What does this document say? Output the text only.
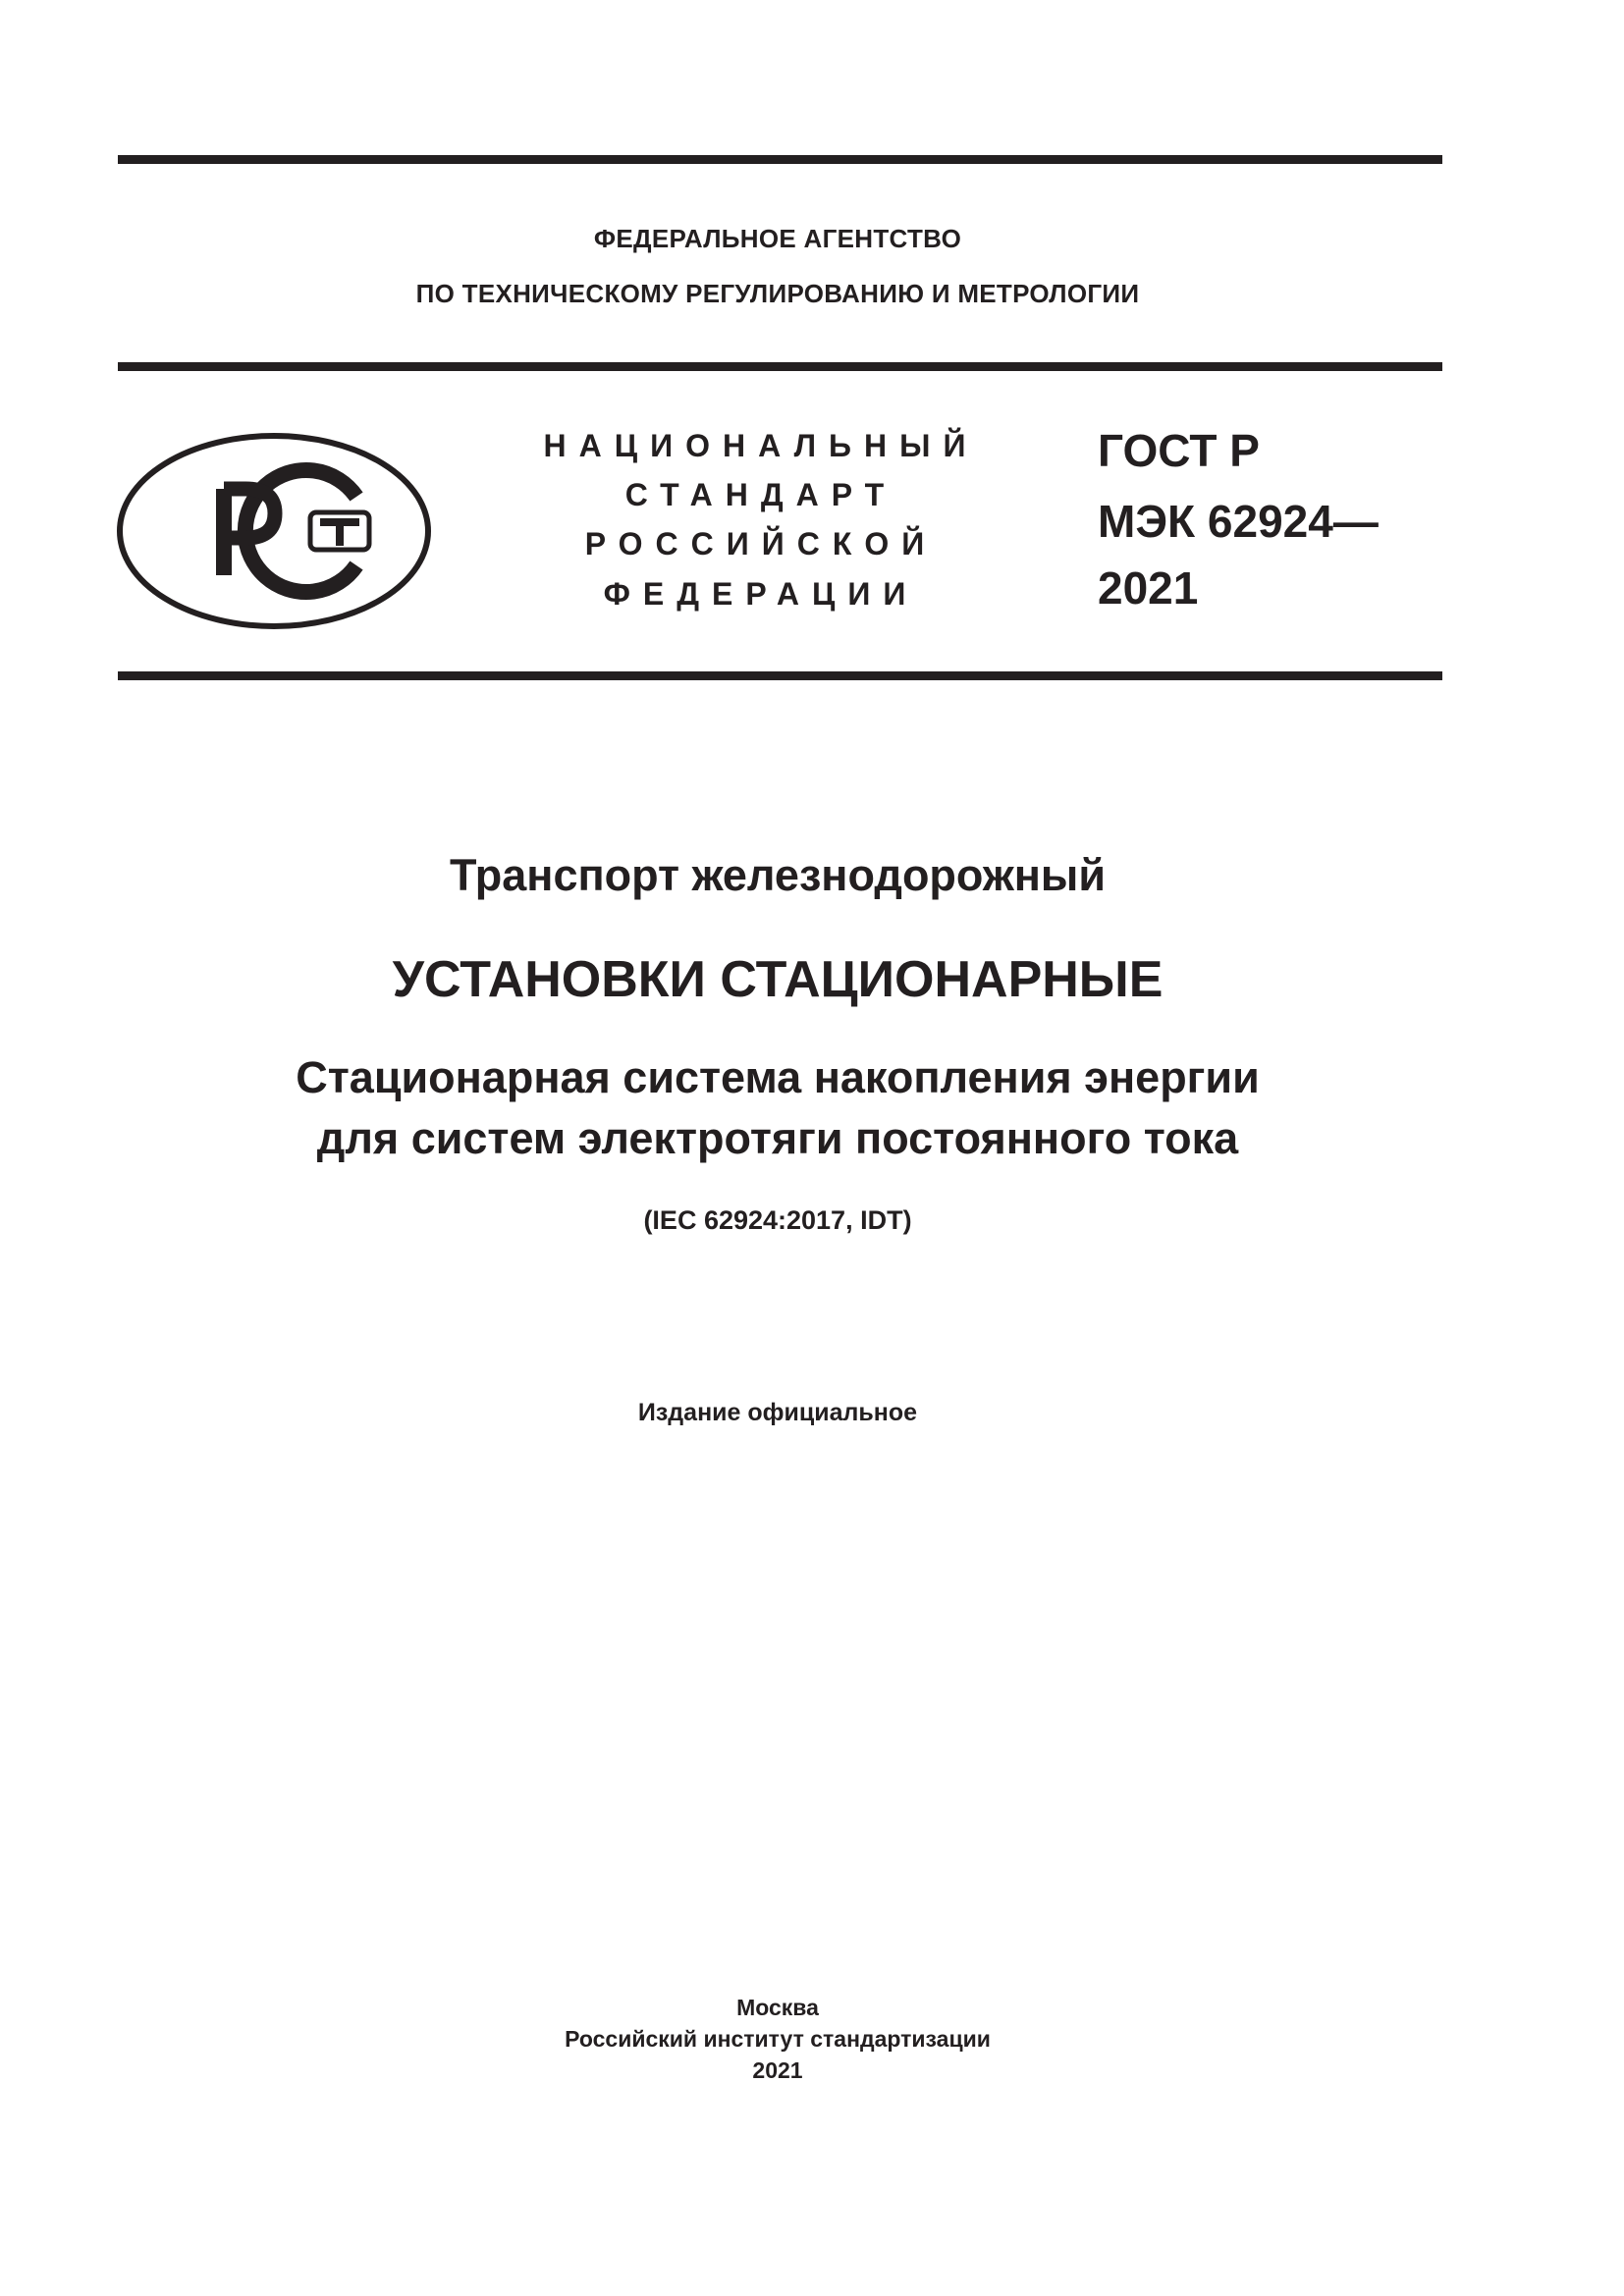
ФЕДЕРАЛЬНОЕ АГЕНТСТВО
ПО ТЕХНИЧЕСКОМУ РЕГУЛИРОВАНИЮ И МЕТРОЛОГИИ
НАЦИОНАЛЬНЫЙ
СТАНДАРТ
РОССИЙСКОЙ
ФЕДЕРАЦИИ
ГОСТ Р
МЭК 62924—
2021
Транспорт железнодорожный
УСТАНОВКИ СТАЦИОНАРНЫЕ
Стационарная система накопления энергии
для систем электротяги постоянного тока
(IEC 62924:2017, IDT)
Издание официальное
Москва
Российский институт стандартизации
2021
